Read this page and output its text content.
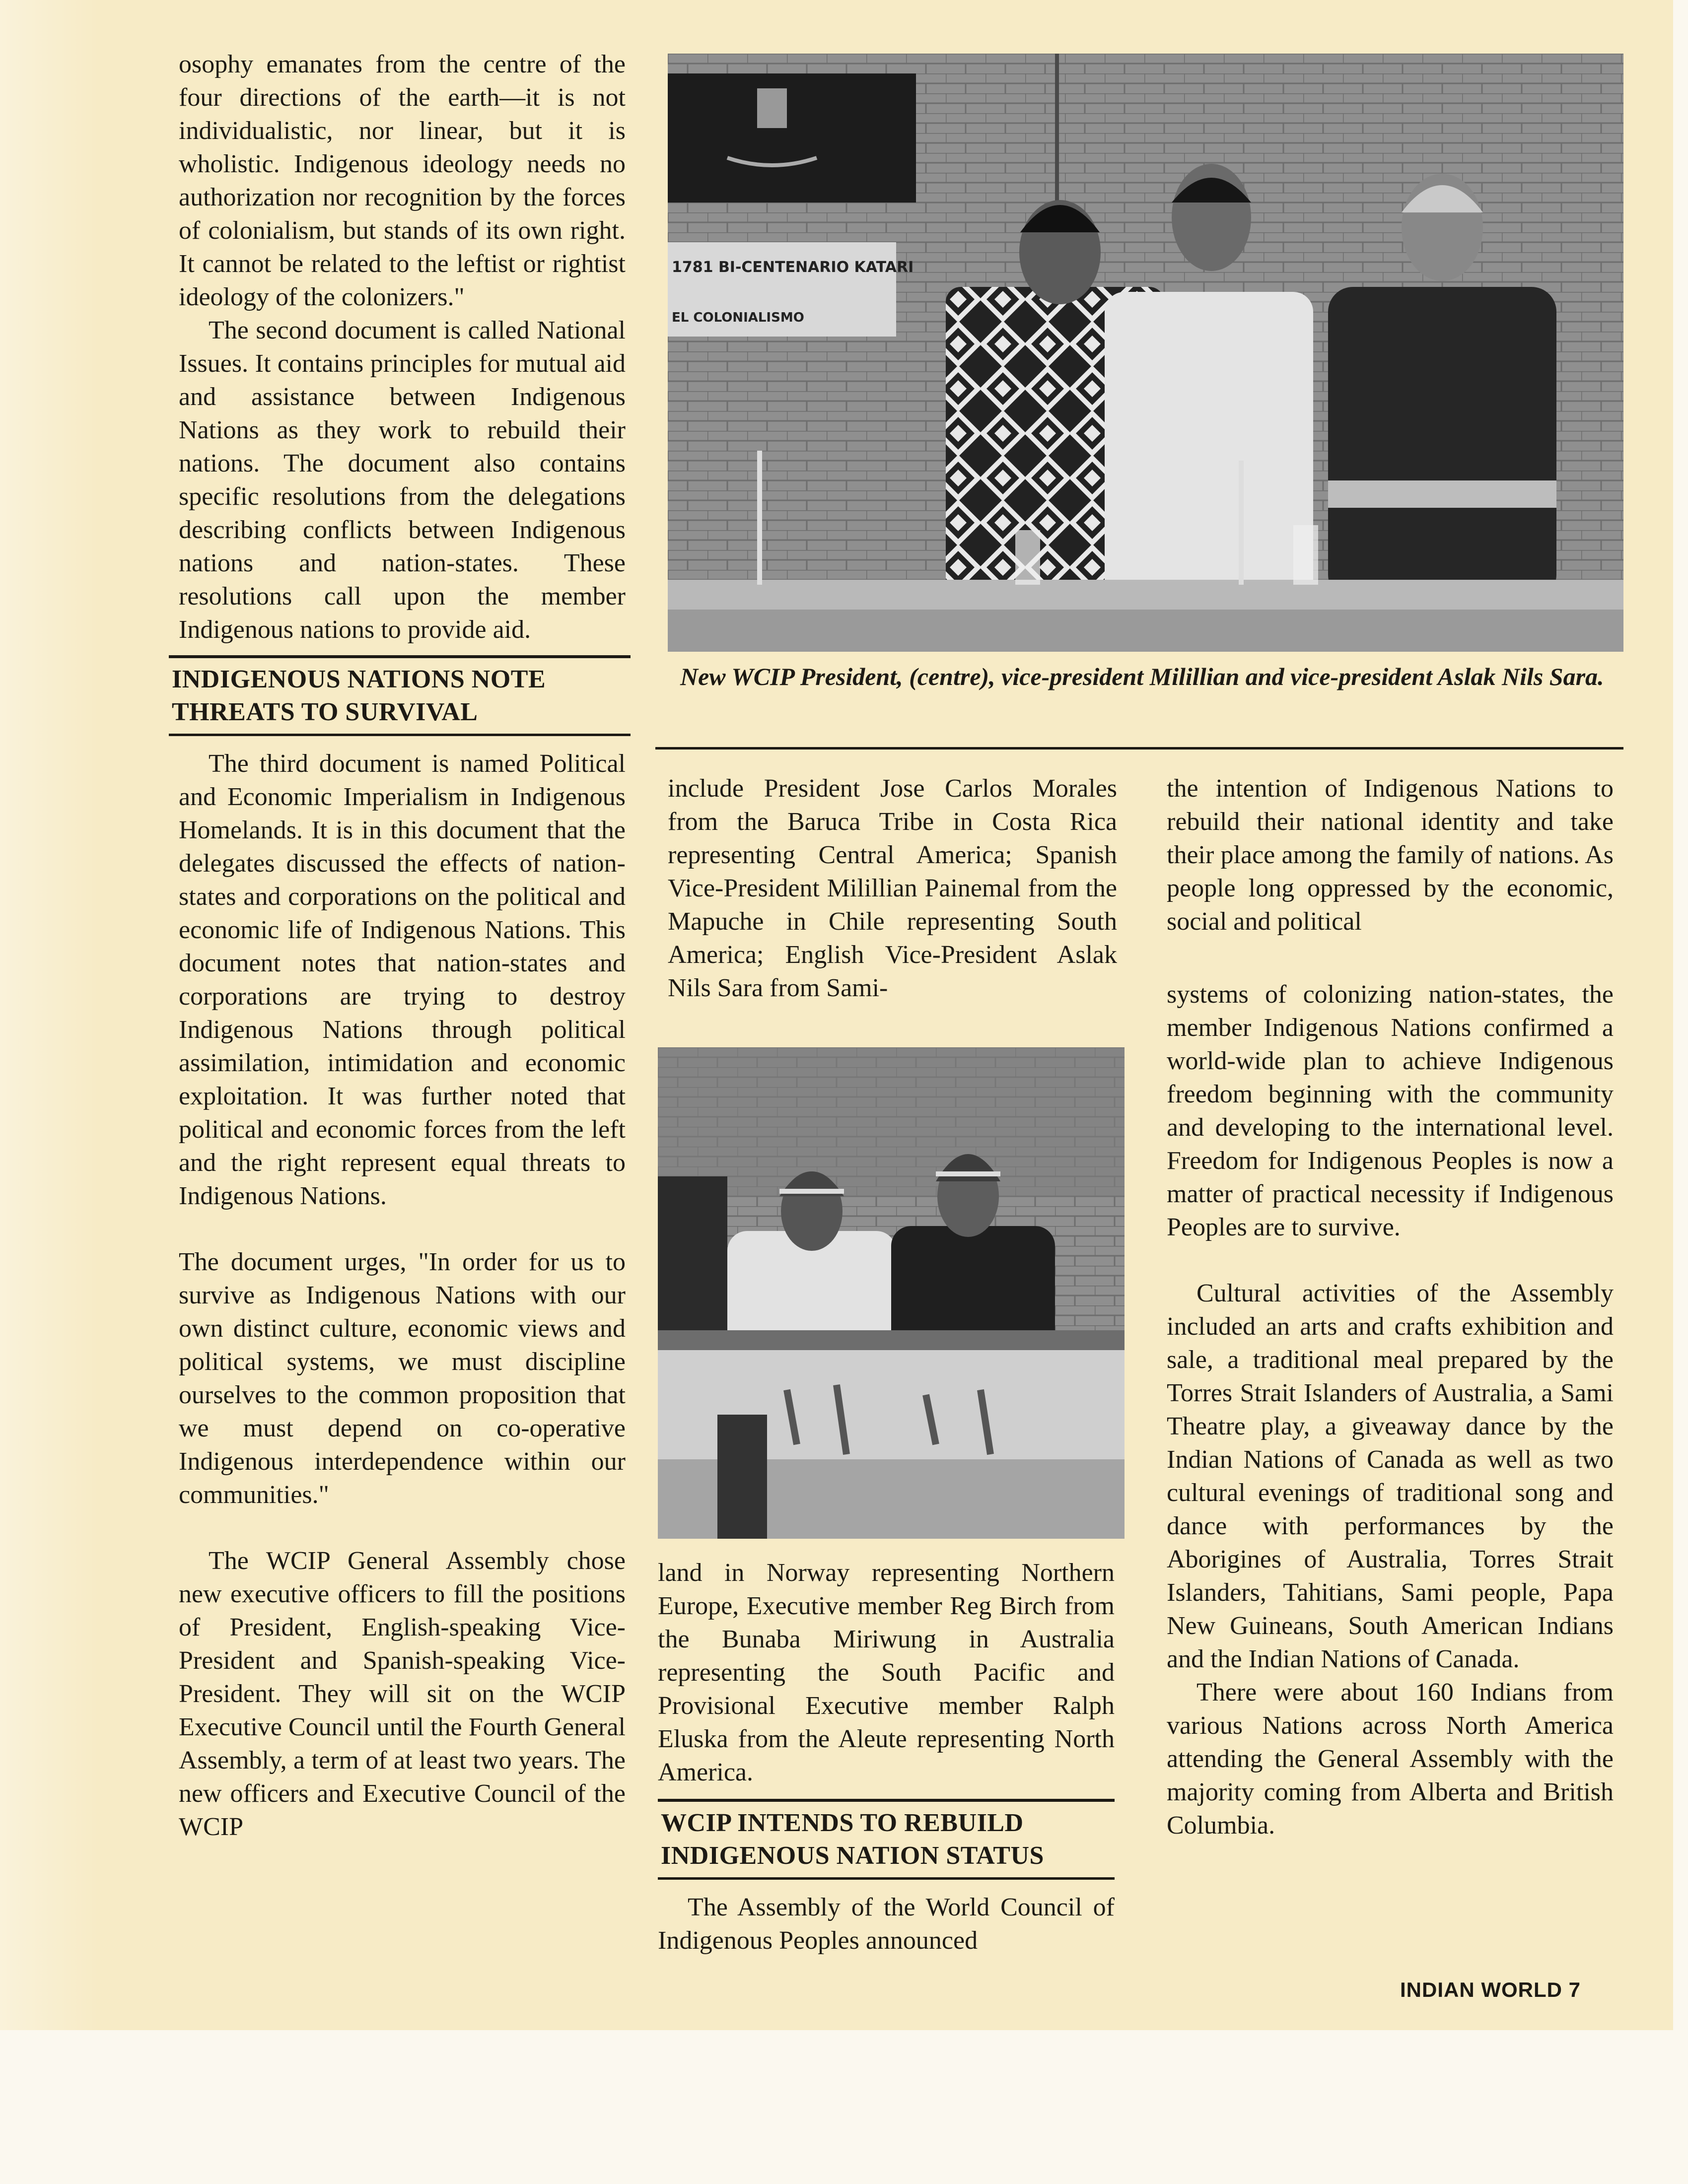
osophy emanates from the centre of the four directions of the earth—it is not individualistic, nor linear, but it is wholistic. Indigenous ideology needs no authorization nor recognition by the forces of colonialism, but stands of its own right. It cannot be related to the leftist or rightist ideology of the colonizers."

The second document is called National Issues. It contains principles for mutual aid and assistance between Indigenous Nations as they work to rebuild their nations. The document also contains specific resolutions from the delegations describing conflicts between Indigenous nations and nation-states. These resolutions call upon the member Indigenous nations to provide aid.

INDIGENOUS NATIONS NOTE
THREATS TO SURVIVAL

The third document is named Political and Economic Imperialism in Indigenous Homelands. It is in this document that the delegates discussed the effects of nation-states and corporations on the political and economic life of Indigenous Nations. This document notes that nation-states and corporations are trying to destroy Indigenous Nations through political assimilation, intimidation and economic exploitation. It was further noted that political and economic forces from the left and the right represent equal threats to Indigenous Nations.

The document urges, "In order for us to survive as Indigenous Nations with our own distinct culture, economic views and political systems, we must discipline ourselves to the common proposition that we must depend on co-operative Indigenous interdependence within our communities."

The WCIP General Assembly chose new executive officers to fill the positions of President, English-speaking Vice-President and Spanish-speaking Vice-President. They will sit on the WCIP Executive Council until the Fourth General Assembly, a term of at least two years. The new officers and Executive Council of the WCIP

1781 BI-CENTENARIO KATARI
EL COLONIALISMO
New WCIP President, (centre), vice-president Milillian and vice-president Aslak Nils Sara.

include President Jose Carlos Morales from the Baruca Tribe in Costa Rica representing Central America; Spanish Vice-President Milillian Painemal from the Mapuche in Chile representing South America; English Vice-President Aslak Nils Sara from Sami-

land in Norway representing Northern Europe, Executive member Reg Birch from the Bunaba Miriwung in Australia representing the South Pacific and Provisional Executive member Ralph Eluska from the Aleute representing North America.

WCIP INTENDS TO REBUILD
INDIGENOUS NATION STATUS

The Assembly of the World Council of Indigenous Peoples announced

the intention of Indigenous Nations to rebuild their national identity and take their place among the family of nations. As people long oppressed by the economic, social and political

systems of colonizing nation-states, the member Indigenous Nations confirmed a world-wide plan to achieve Indigenous freedom beginning with the community and developing to the international level. Freedom for Indigenous Peoples is now a matter of practical necessity if Indigenous Peoples are to survive.

Cultural activities of the Assembly included an arts and crafts exhibition and sale, a traditional meal prepared by the Torres Strait Islanders of Australia, a Sami Theatre play, a giveaway dance by the Indian Nations of Canada as well as two cultural evenings of traditional song and dance with performances by the Aborigines of Australia, Torres Strait Islanders, Tahitians, Sami people, Papa New Guineans, South American Indians and the Indian Nations of Canada.

There were about 160 Indians from various Nations across North America attending the General Assembly with the majority coming from Alberta and British Columbia.

INDIAN WORLD 7
